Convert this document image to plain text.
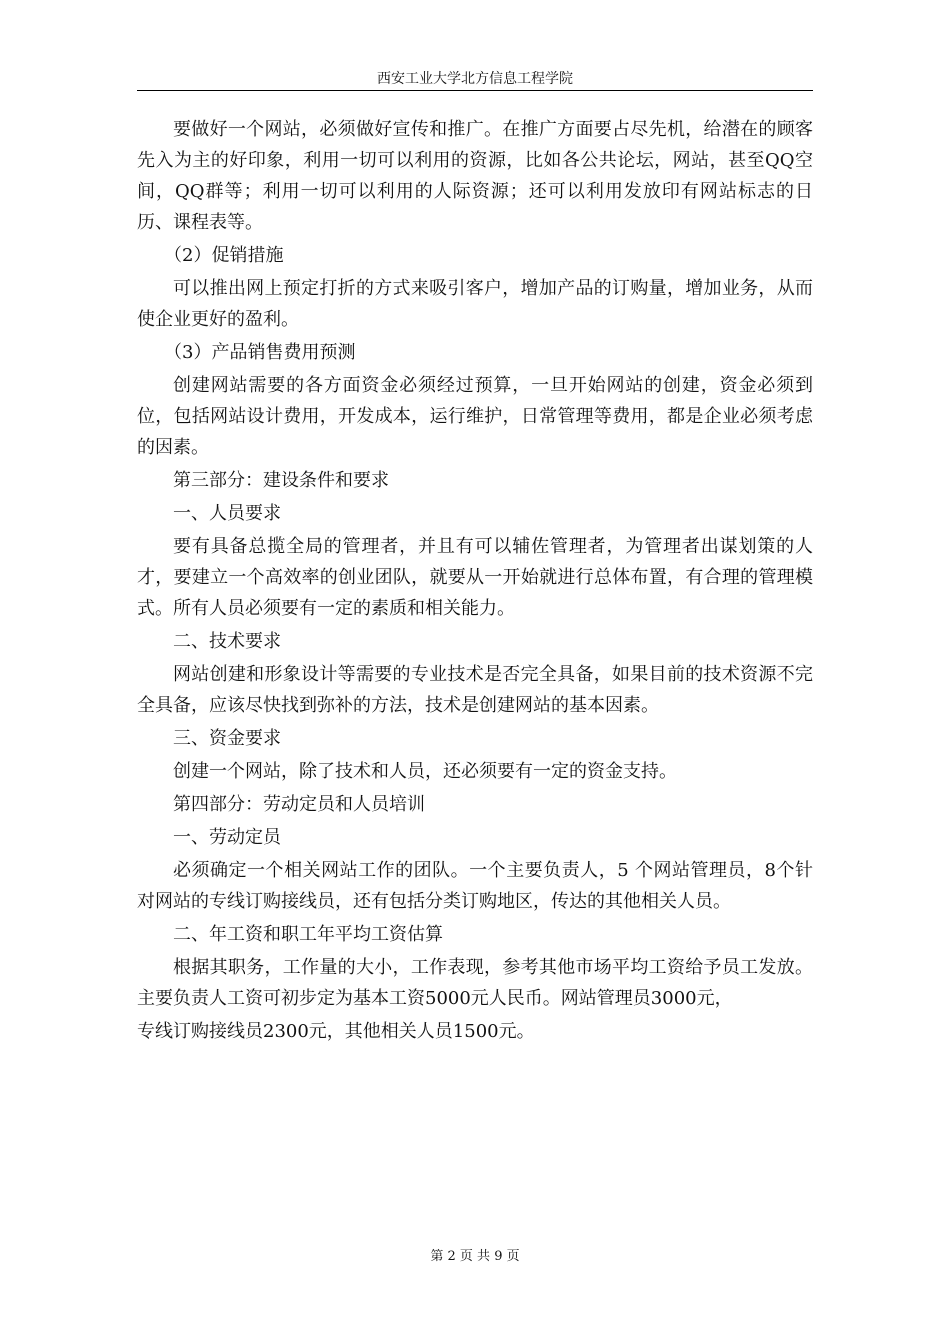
西安工业大学北方信息工程学院

要做好一个网站，必须做好宣传和推广。在推广方面要占尽先机，给潜在的顾客先入为主的好印象，利用一切可以利用的资源，比如各公共论坛，网站，甚至QQ空间，QQ群等；利用一切可以利用的人际资源；还可以利用发放印有网站标志的日历、课程表等。

（2）促销措施

可以推出网上预定打折的方式来吸引客户，增加产品的订购量，增加业务，从而使企业更好的盈利。

（3）产品销售费用预测

创建网站需要的各方面资金必须经过预算，一旦开始网站的创建，资金必须到位，包括网站设计费用，开发成本，运行维护，日常管理等费用，都是企业必须考虑的因素。

第三部分：建设条件和要求

一、人员要求

要有具备总揽全局的管理者，并且有可以辅佐管理者，为管理者出谋划策的人才，要建立一个高效率的创业团队，就要从一开始就进行总体布置，有合理的管理模式。所有人员必须要有一定的素质和相关能力。

二、技术要求

网站创建和形象设计等需要的专业技术是否完全具备，如果目前的技术资源不完全具备，应该尽快找到弥补的方法，技术是创建网站的基本因素。

三、资金要求

创建一个网站，除了技术和人员，还必须要有一定的资金支持。

第四部分：劳动定员和人员培训

一、劳动定员

必须确定一个相关网站工作的团队。一个主要负责人，5 个网站管理员，8个针对网站的专线订购接线员，还有包括分类订购地区，传达的其他相关人员。

二、年工资和职工年平均工资估算

根据其职务，工作量的大小，工作表现，参考其他市场平均工资给予员工发放。主要负责人工资可初步定为基本工资5000元人民币。网站管理员3000元，

专线订购接线员2300元，其他相关人员1500元。

第 2 页 共 9 页
